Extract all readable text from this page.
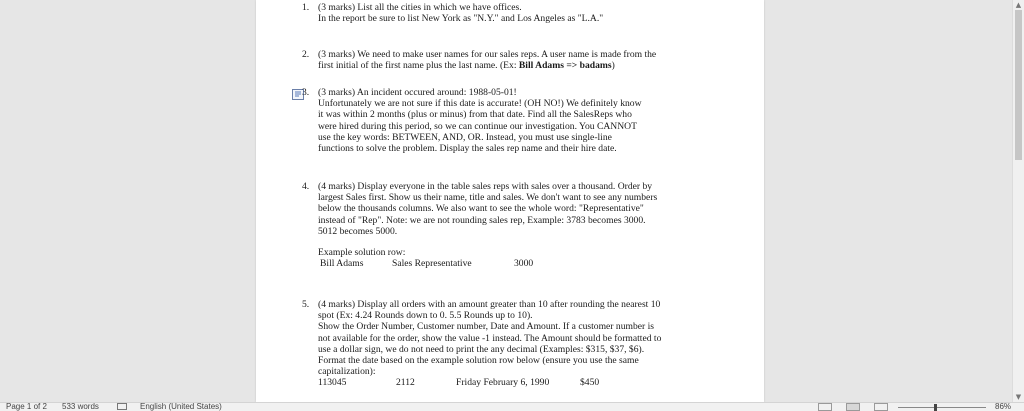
1. (3 marks) List all the cities in which we have offices.
In the report be sure to list New York as "N.Y." and Los Angeles as "L.A."
2. (3 marks) We need to make user names for our sales reps. A user name is made from the
first initial of the first name plus the last name. (Ex: Bill Adams => badams)
3. (3 marks) An incident occured around: 1988-05-01!
Unfortunately we are not sure if this date is accurate! (OH NO!) We definitely know
it was within 2 months (plus or minus) from that date. Find all the SalesReps who
were hired during this period, so we can continue our investigation. You CANNOT
use the key words: BETWEEN, AND, OR. Instead, you must use single-line
functions to solve the problem. Display the sales rep name and their hire date.
4. (4 marks) Display everyone in the table sales reps with sales over a thousand. Order by
largest Sales first. Show us their name, title and sales. We don't want to see any numbers
below the thousands columns. We also want to see the whole word: "Representative"
instead of "Rep". Note: we are not rounding sales rep, Example: 3783 becomes 3000.
5012 becomes 5000.
Example solution row:
Bill Adams	Sales Representative	3000
5. (4 marks) Display all orders with an amount greater than 10 after rounding the nearest 10
spot (Ex: 4.24 Rounds down to 0. 5.5 Rounds up to 10).
Show the Order Number, Customer number, Date and Amount. If a customer number is
not available for the order, show the value -1 instead. The Amount should be formatted to
use a dollar sign, we do not need to print the any decimal (Examples: $315, $37, $6).
Format the date based on the example solution row below (ensure you use the same
capitalization):
113045	2112	Friday February 6, 1990	$450
▲
▼
Page 1 of 2 533 words	English (United States)	86%
